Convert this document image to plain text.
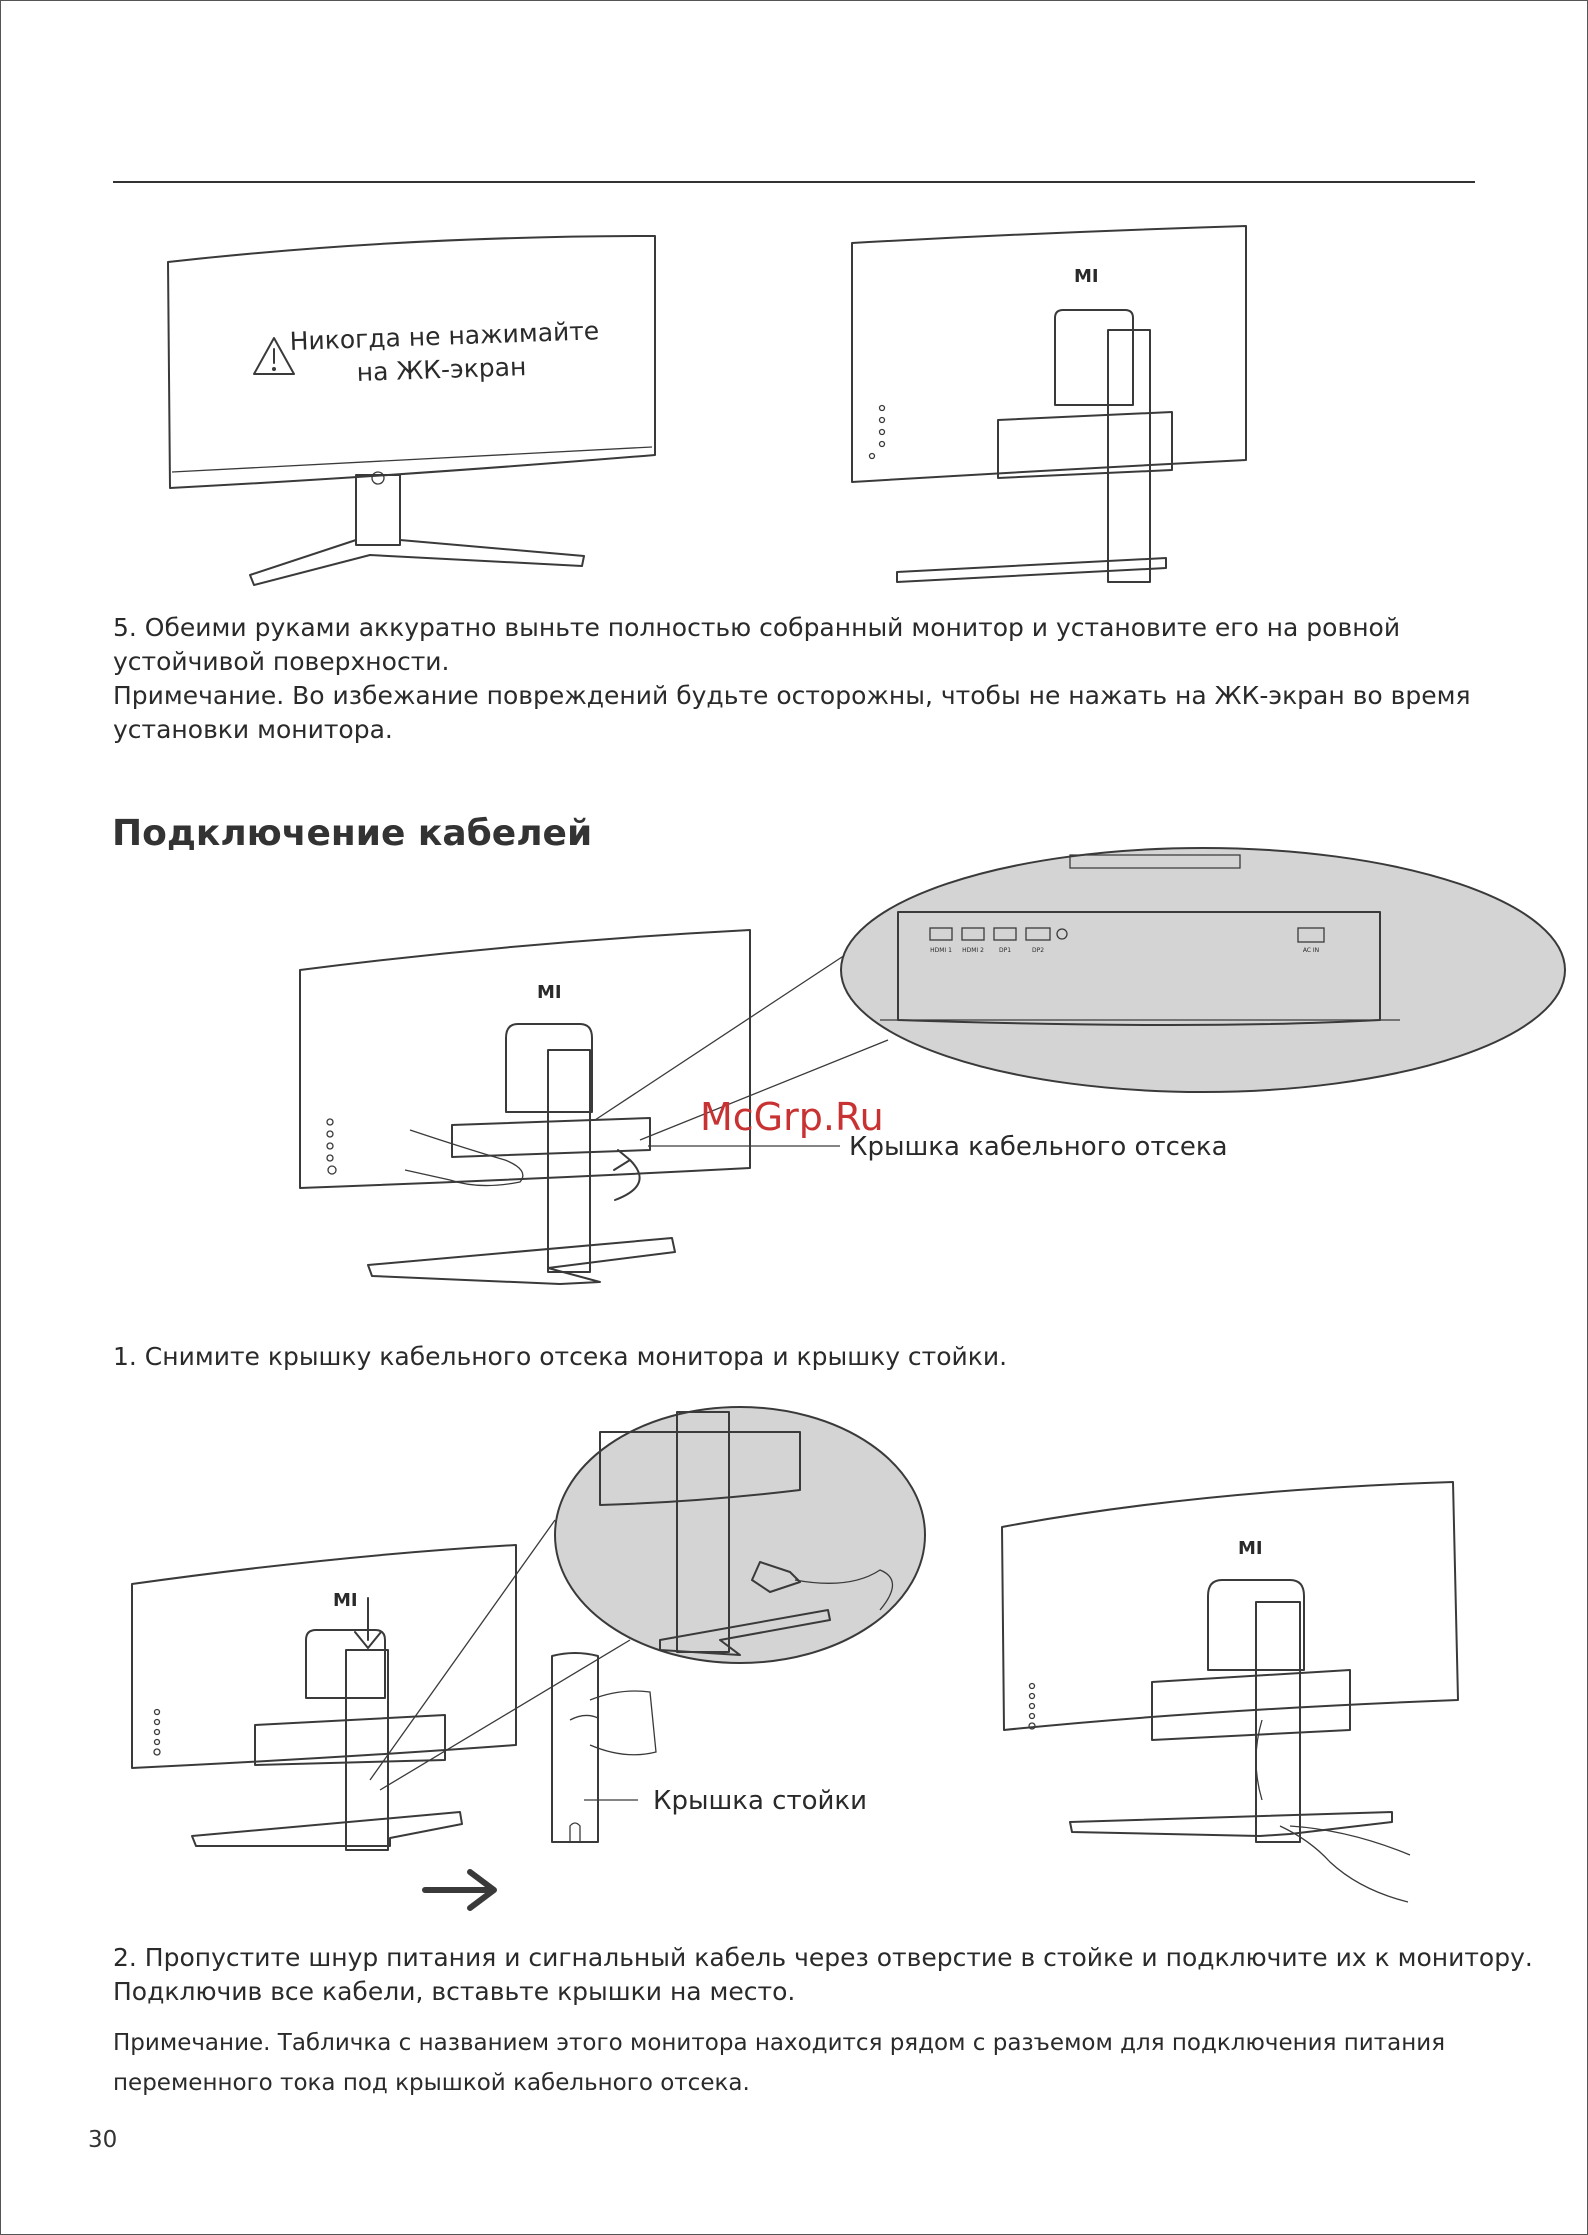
Никогда не нажимайте
на ЖК-экран
MI
MI
McGrp.Ru
Крышка кабельного отсека
MI
Крышка стойки
MI
HDMI 1 HDMI 2	DP1	DP2	AC IN

5. Обеими руками аккуратно выньте полностью собранный монитор и установите его на ровной

устойчивой поверхности.

Примечание. Во избежание повреждений будьте осторожны, чтобы не нажать на ЖК-экран во время

установки монитора.

Подключение кабелей

1. Снимите крышку кабельного отсека монитора и крышку стойки.

2. Пропустите шнур питания и сигнальный кабель через отверстие в стойке и подключите их к монитору.

Подключив все кабели, вставьте крышки на место.

Примечание. Табличка с названием этого монитора находится рядом с разъемом для подключения питания

переменного тока под крышкой кабельного отсека.

30
